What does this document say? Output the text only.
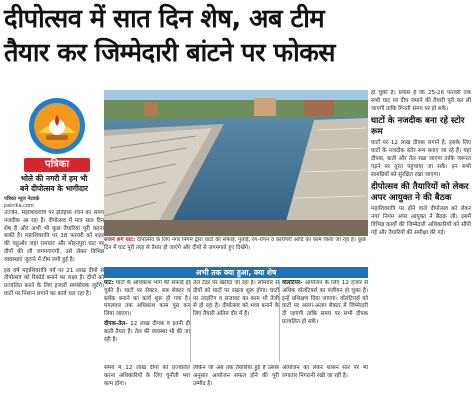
दीपोत्सव में सात दिन शेष, अब टीम
तैयार कर जिम्मेदारी बांटने पर फोकस
पत्रिका
भोले की नगरी में हम भी
बने दीपोत्सव के भागीदार
पत्रिका न्यूज नेटवर्क
patrika.com

उज्जैन. महाशिवरात्रि पर इतिहास रचने का समय नजदीक आ रहा है। दीपोत्सव में मात्र सात दिन शेष हैं और अभी भी कुछ तैयारियां पूरी करना बाकी है। महाशिवरात्रि पर 18 फरवरी को शहर की चहुंओर जहां रामघाट और मोहनपुरा घाट पर दीपों की लौ जगमगाएगी, उसे लेकर विभिन्न व्यवस्थाएं जुटाने में टीम लगी हुई है।

इस वर्ष महाशिवरात्रि पर्व पर 21 लाख दीपों से दीपोत्सव को रिकॉर्ड बनाने का लक्ष्य है। दीपों को प्रज्वलित करने के लिए हजारों स्वयंसेवक जुटेंगे। घाटों पर निशान लगाने का कार्य चल रहा है।

सजने लगे घाट: दीपोत्सव के लिए नगर निगम द्वारा घाटों की सफाई, पुताई, रंग-रोगन व कारीगरी आदि का काम किया जा रहा है। कुछ दिन में घाट पूरी तरह से तैयार हो जाएंगे और दीपों से जगमगाते हुए दिखेंगे।

हो चुकी हैं। प्रयास है कि 25-26 फरवरी तक सभी घाट पर दीप जमाने की तैयारी पूरी कर ली जाएगी ताकि गिनती समय पर हो सके।

घाटों के नजदीक बना रहे स्टोर रूम

घाटों पर 12 लाख दीपक लगाने है, इसके लिए घाटों के नजदीक स्टोर रूम बनाए जा रहे हैं। यहां दीपक, बाती और तेल रखा जाएगा ताकि जरूरत पड़ने पर तुरंत पहुंचाया जा सके। इन सभी सामग्रियों को सुरक्षित रखा जाएगा।

दीपोत्सव की तैयारियों को लेकर अपर आयुक्त ने की बैठक

महाशिवरात्रि पर होने वाले दीपोत्सव को लेकर नगर निगम अपर आयुक्त ने बैठक ली। इसमें विभिन्न कार्यों की जिम्मेदारी अधिकारियों को सौंपी गई और तैयारियों की समीक्षा की गई।

अभी तक क्या हुआ, क्या शेष

घाट: घाटों के अधिकांश भाग की सफाई हो चुकी है। घाटों पर सेक्टर, सब सेक्टर व ब्लॉक बनाने का कार्य शुरू हो गया है। मंगलवार तक अधिकांश काम पूरा कर लिया जाएगा।

दीपक-तेल- 12 लाख दीपक व इतनी ही बाती तैयार है। तेल की व्यवस्था भी की जा रही है।

तेल टेंडर पर खरीदा जा रहा है। सोमवार से दीपों को घाटों पर रखना शुरू होगा। घाटों पर लाइटिंग व सजावट का काम भी तेजी से हो रहा है। दीपोत्सव को भव्य बनाने के लिए तैयारी अंतिम दौर में है।

वॉलंटियर- आयोजन के लिए 12 हजार से अधिक वॉलंटियर्स का पंजीयन हो चुका है। इन्हें प्रशिक्षण दिया जाएगा। वॉलंटियर्स को घाटों पर अलग-अलग सेक्टर में जिम्मेदारी दी जाएगी ताकि समय पर सभी दीपक प्रज्वलित हो सकें।

समय में 12 लाख दीपों को प्रज्वलित करना अधिकारियों के लिए चुनौती भरा काम होगा।

लेकिन जो अब तक तैयारियां हुई हैं उसके अनुसार आयोजन सफल होने की पूरी उम्मीद है।

आयोजन को लेकर शासन स्तर पर भी लगातार निगरानी रखी जा रही है।
